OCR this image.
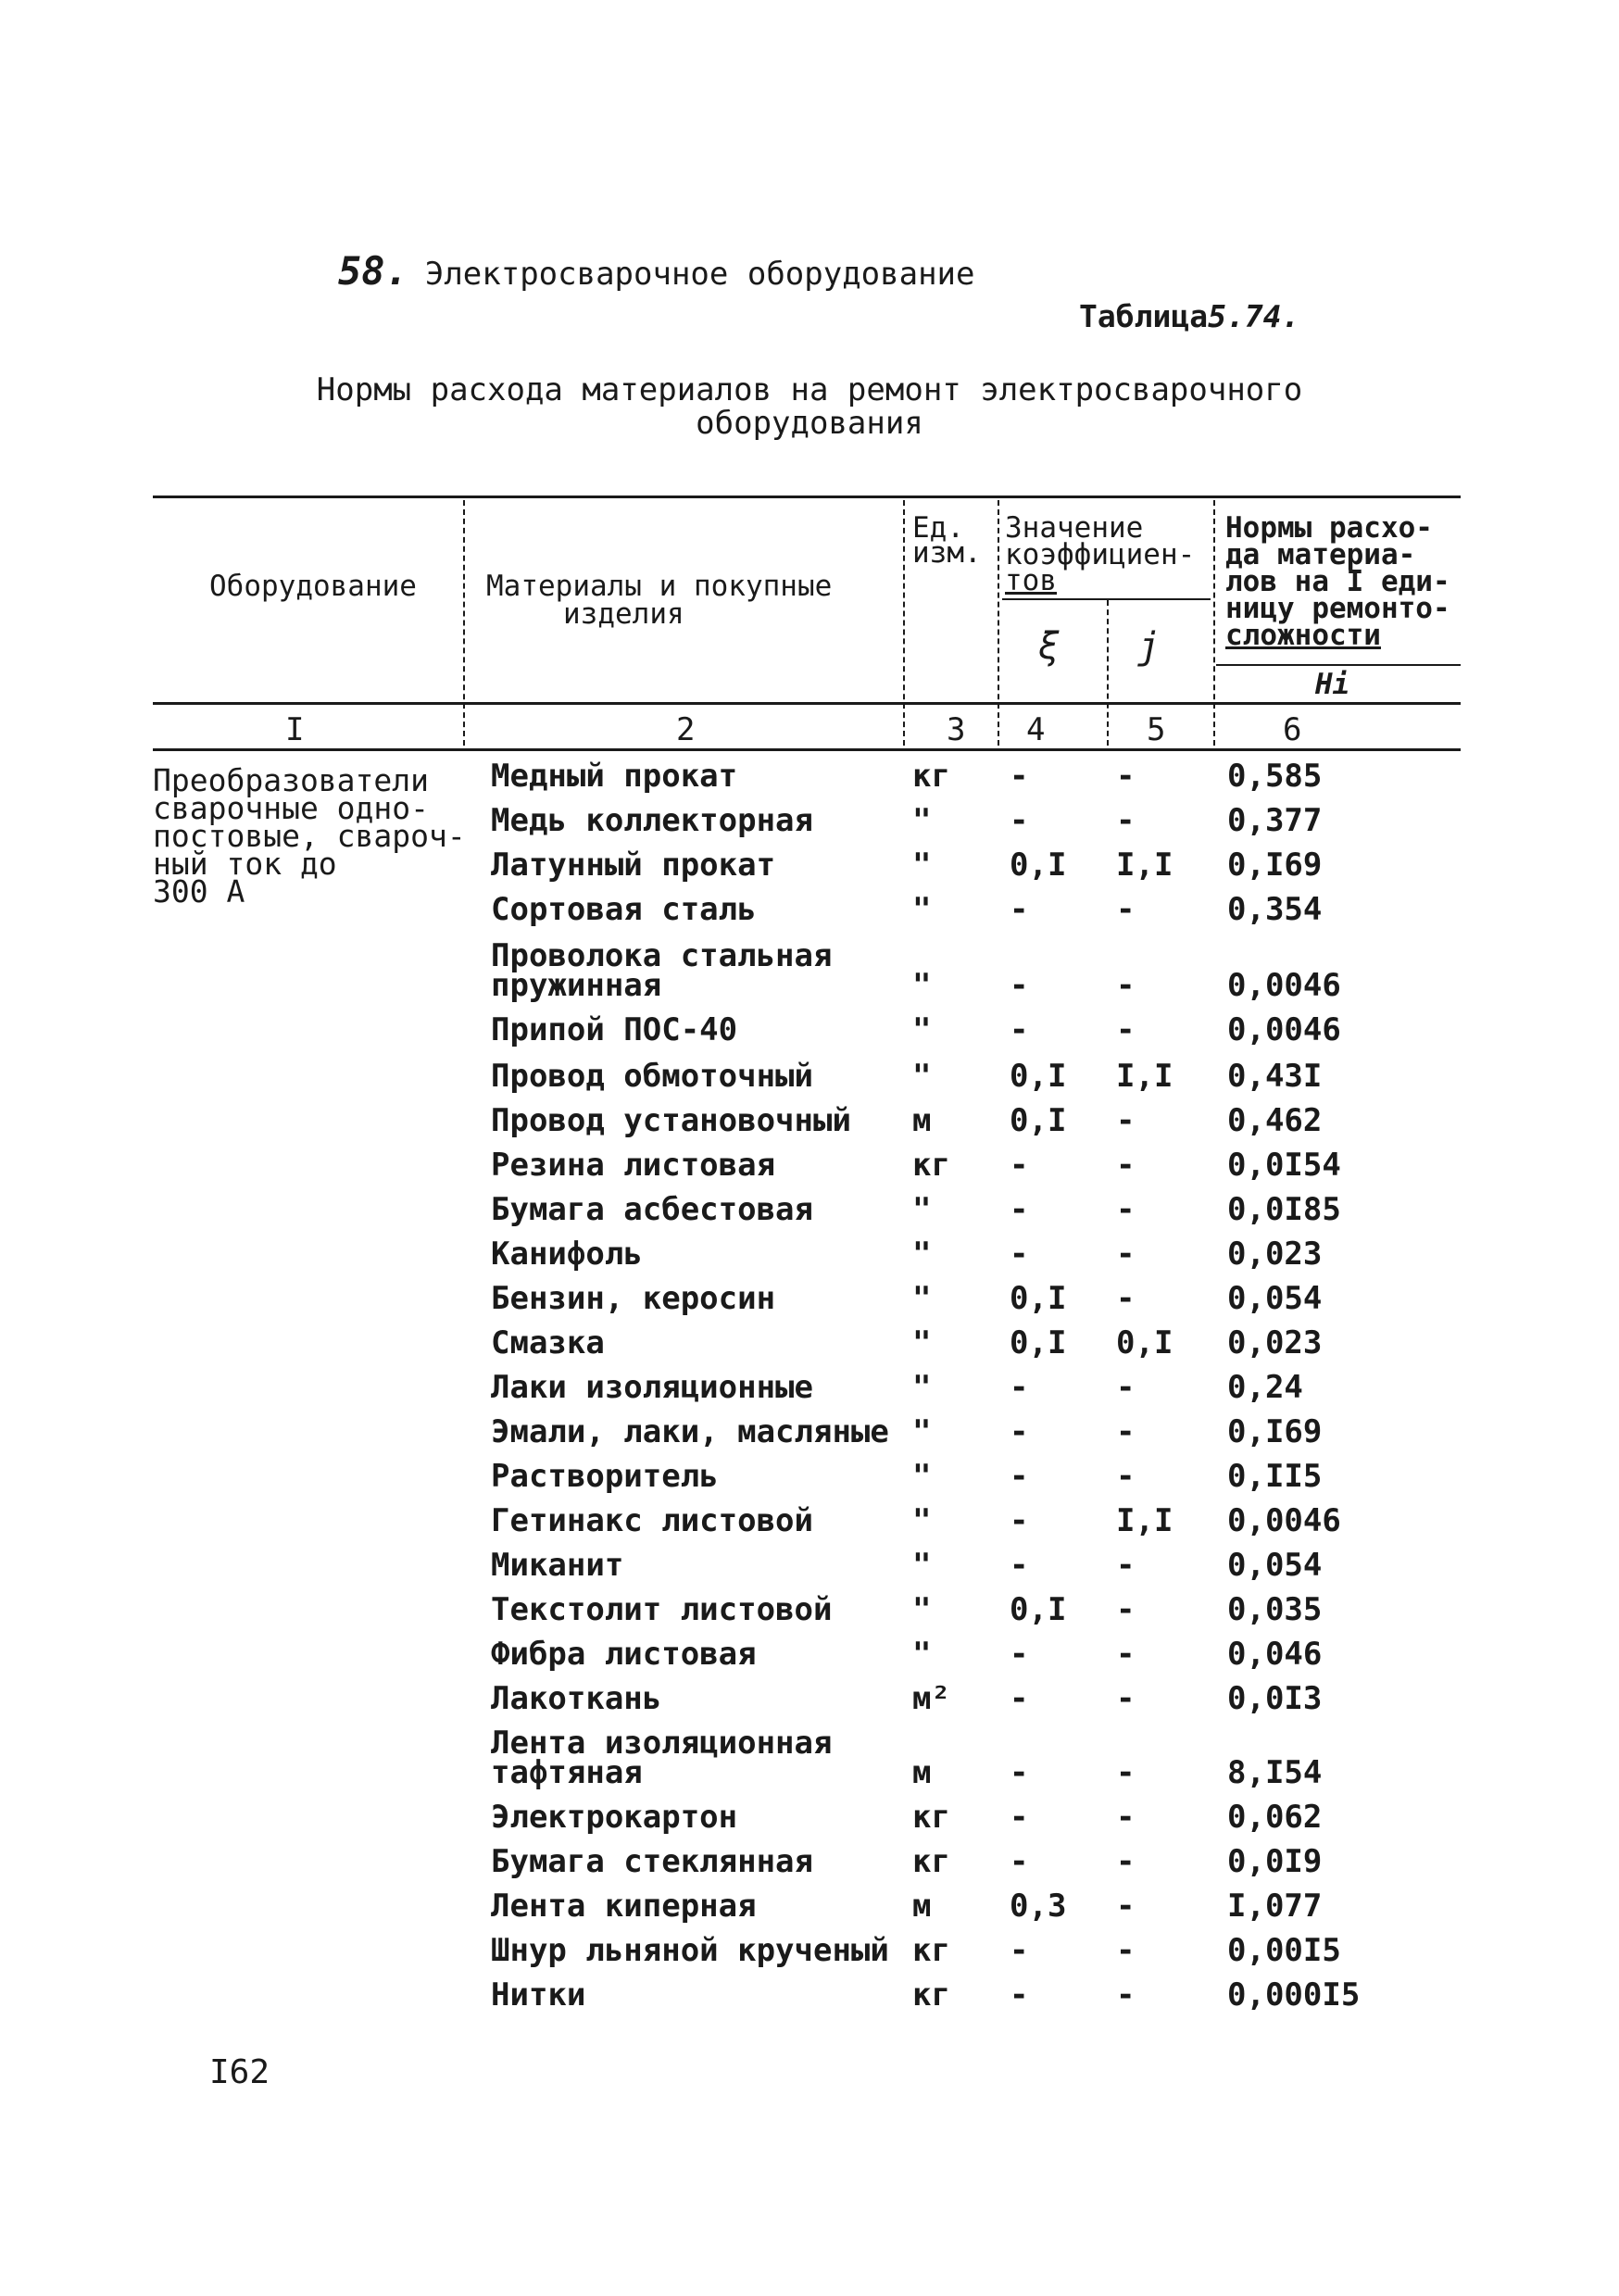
58. Электросварочное оборудование
Таблица5.74.
Нормы расхода материалов на ремонт электросварочного
оборудования
Оборудование Материалы и покупные
изделия
Ед.
изм.
Значение
коэффициен-
тов
ξ j
Нормы расхо-
да материа-
лов на I еди-
ницу ремонто-
сложности
Hi
I	2	3 4	5	6
Преобразователи
сварочные одно-
постовые, свароч-
ный ток до
300 А
Медный прокат	кг -	-	0,585
Медь коллекторная	" -	-	0,377
Латунный прокат	" 0,I I,I 0,I69
Сортовая сталь	" -	-	0,354
Проволока стальная
пружинная	" -	-	0,0046
Припой ПОС-40	" -	-	0,0046
Провод обмоточный	" 0,I I,I 0,43I
Провод установочный м 0,I -	0,462
Резина листовая	кг -	-	0,0I54
Бумага асбестовая	" -	-	0,0I85
Канифоль	" -	-	0,023
Бензин, керосин	" 0,I -	0,054
Смазка	" 0,I 0,I 0,023
Лаки изоляционные	" -	-	0,24
Эмали, лаки, масляные " -	-	0,I69
Растворитель	" -	-	0,II5
Гетинакс листовой	" -	I,I 0,0046
Миканит	" -	-	0,054
Текстолит листовой	" 0,I -	0,035
Фибра листовая	" -	-	0,046
Лакоткань	м² -	-	0,0I3
Лента изоляционная
тафтяная	м -	-	8,I54
Электрокартон	кг -	-	0,062
Бумага стеклянная	кг -	-	0,0I9
Лента киперная	м 0,3 -	I,077
Шнур льняной крученый кг -	-	0,00I5
Нитки	кг -	-	0,000I5
I62
